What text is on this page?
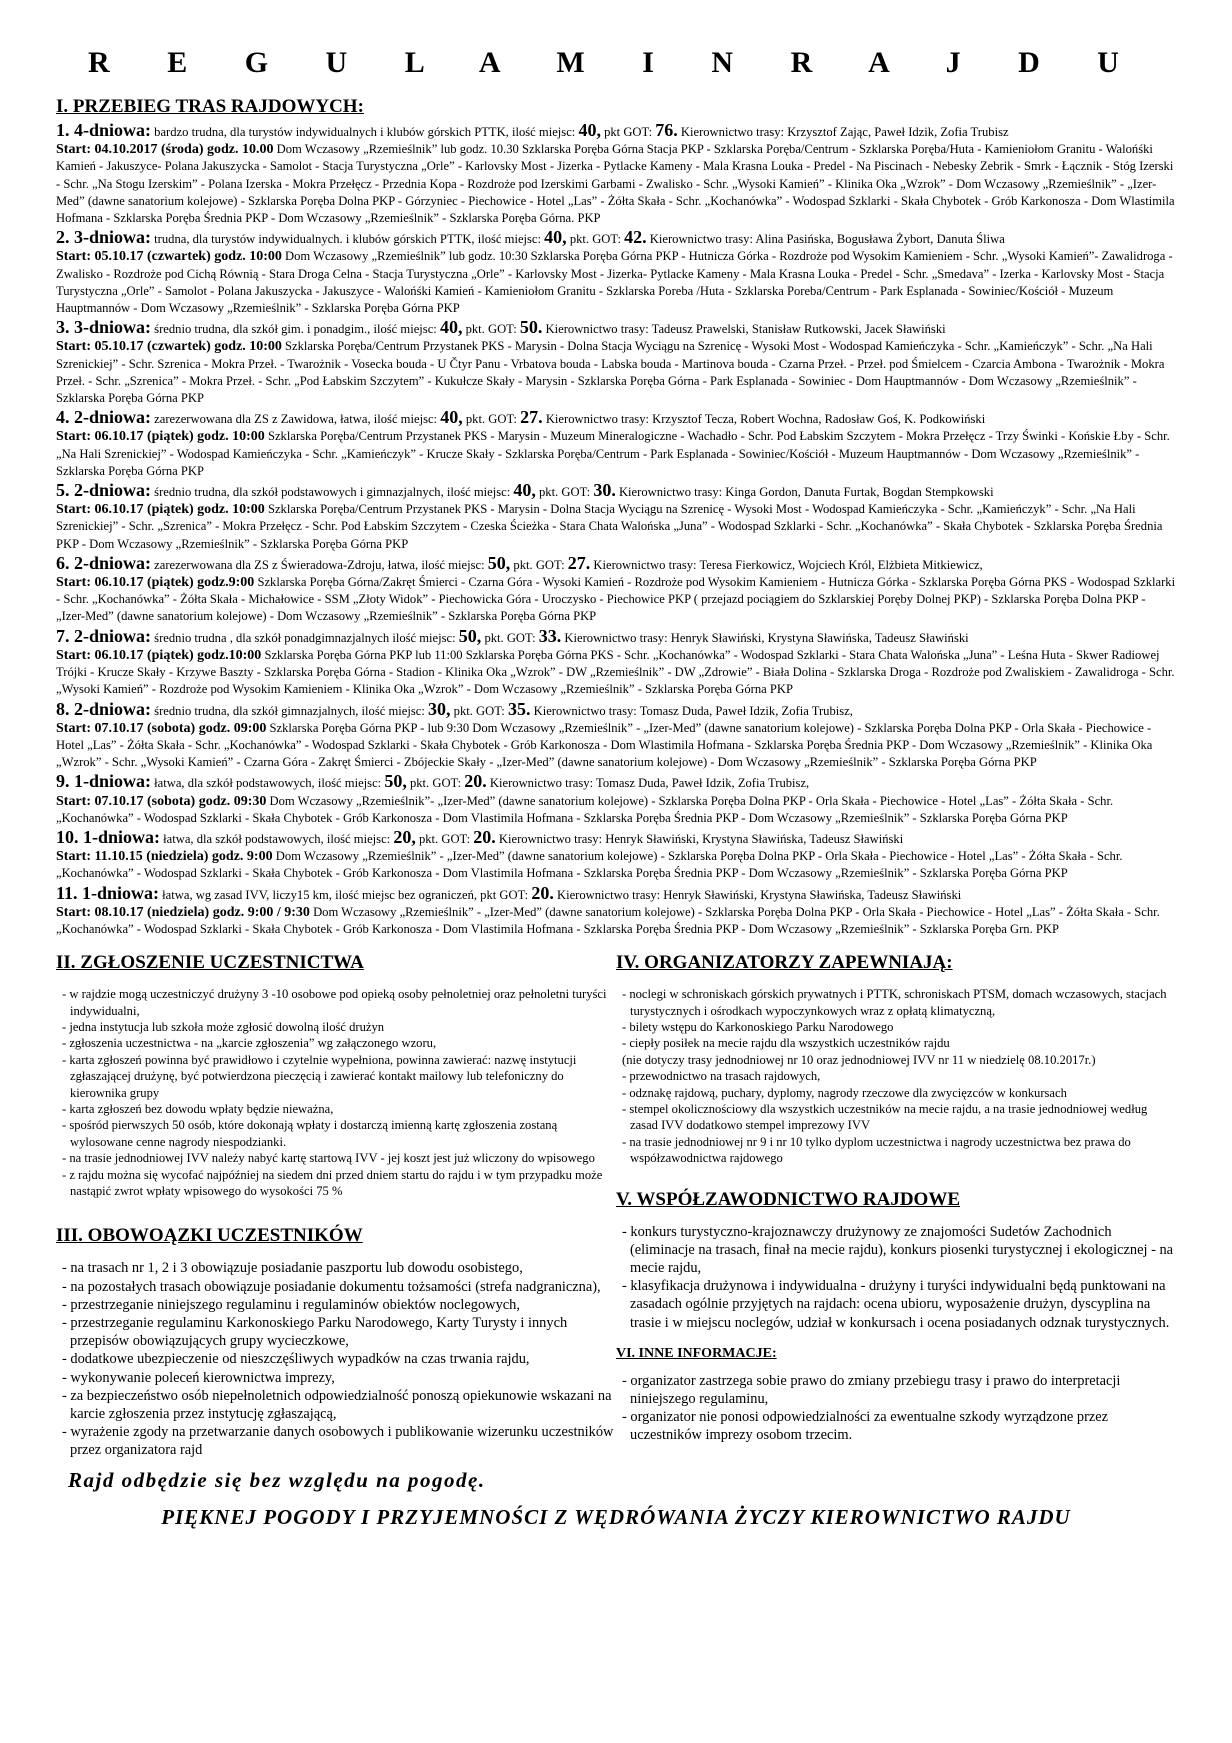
R E G U L A M I N R A J D U
I. PRZEBIEG TRAS RAJDOWYCH:
1. 4-dniowa: bardzo trudna, dla turystów indywidualnych i klubów górskich PTTK, ilość miejsc: 40, pkt GOT: 76. Kierownictwo trasy: Krzysztof Zając, Paweł Idzik, Zofia Trubisz
Start: 04.10.2017 (środa) godz. 10.00 Dom Wczasowy „Rzemieślnik” lub godz. 10.30 Szklarska Poręba Górna Stacja PKP - Szklarska Poręba/Centrum - Szklarska Poręba/Huta - Kamieniołom Granitu - Walońśki Kamień - Jakuszyce- Polana Jakuszycka - Samolot - Stacja Turystyczna „Orle” - Karlovsky Most - Jizerka - Pytlacke Kameny - Mala Krasna Louka - Predel - Na Piscinach - Nebesky Zebrik - Smrk - Łącznik - Stóg Izerski - Schr. „Na Stogu Izerskim” - Polana Izerska - Mokra Przełęcz - Przednia Kopa - Rozdroże pod Izerskimi Garbami - Zwalisko - Schr. „Wysoki Kamień” - Klinika Oka „Wzrok” - Dom Wczasowy „Rzemieślnik” - „Izer-Med” (dawne sanatorium kolejowe) - Szklarska Poręba Dolna PKP - Górzyniec - Piechowice - Hotel „Las” - Żółta Skała - Schr. „Kochanówka” - Wodospad Szklarki - Skała Chybotek - Grób Karkonosza - Dom Wlastimila Hofmana - Szklarska Poręba Średnia PKP - Dom Wczasowy „Rzemieślnik” - Szklarska Poręba Górna. PKP
2. 3-dniowa: trudna, dla turystów indywidualnych. i klubów górskich PTTK, ilość miejsc: 40, pkt. GOT: 42. Kierownictwo trasy: Alina Pasińska, Bogusława Żybort, Danuta Śliwa
Start: 05.10.17 (czwartek) godz. 10:00 Dom Wczasowy „Rzemieślnik” lub godz. 10:30 Szklarska Poręba Górna PKP - Hutnicza Górka - Rozdroże pod Wysokim Kamieniem - Schr. „Wysoki Kamień”- Zawalidroga - Zwalisko - Rozdroże pod Cichą Równią - Stara Droga Celna - Stacja Turystyczna „Orle” - Karlovsky Most - Jizerka- Pytlacke Kameny - Mala Krasna Louka - Predel - Schr. „Smedava” - Izerka - Karlovsky Most - Stacja Turystyczna „Orle” - Samolot - Polana Jakuszycka - Jakuszyce - Walońśki Kamień - Kamieniołom Granitu - Szklarska Poreba /Huta - Szklarska Poreba/Centrum - Park Esplanada - Sowiniec/Kościół - Muzeum Hauptmannów - Dom Wczasowy „Rzemieślnik” - Szklarska Poręba Górna PKP
3. 3-dniowa: średnio trudna, dla szkół gim. i ponadgim., ilość miejsc: 40, pkt. GOT: 50. Kierownictwo trasy: Tadeusz Prawelski, Stanisław Rutkowski, Jacek Sławiński
Start: 05.10.17 (czwartek) godz. 10:00 Szklarska Poręba/Centrum Przystanek PKS - Marysin - Dolna Stacja Wyciągu na Szrenicę - Wysoki Most - Wodospad Kamieńczyka - Schr. „Kamieńczyk” - Schr. „Na Hali Szrenickiej” - Schr. Szrenica - Mokra Przeł. - Twarożnik - Vosecka bouda - U Čtyr Panu - Vrbatova bouda - Labska bouda - Martinova bouda - Czarna Przeł. - Przeł. pod Śmielcem - Czarcia Ambona - Twarożnik - Mokra Przeł. - Schr. „Szrenica” - Mokra Przeł. - Schr. „Pod Łabskim Szczytem” - Kukułcze Skały - Marysin - Szklarska Poręba Górna - Park Esplanada - Sowiniec - Dom Hauptmannów - Dom Wczasowy „Rzemieślnik” - Szklarska Poręba Górna PKP
4. 2-dniowa: zarezerwowana dla ZS z Zawidowa, łatwa, ilość miejsc: 40, pkt. GOT: 27. Kierownictwo trasy: Krzysztof Tecza, Robert Wochna, Radosław Goś, K. Podkowiński
Start: 06.10.17 (piątek) godz. 10:00 Szklarska Poręba/Centrum Przystanek PKS - Marysin - Muzeum Mineralogiczne - Wachadło - Schr. Pod Łabskim Szczytem - Mokra Przełęcz - Trzy Świnki - Końskie Łby - Schr. „Na Hali Szrenickiej” - Wodospad Kamieńczyka - Schr. „Kamieńczyk” - Krucze Skały - Szklarska Poręba/Centrum - Park Esplanada - Sowiniec/Kościół - Muzeum Hauptmannów - Dom Wczasowy „Rzemieślnik” - Szklarska Poręba Górna PKP
5. 2-dniowa: średnio trudna, dla szkół podstawowych i gimnazjalnych, ilość miejsc: 40, pkt. GOT: 30. Kierownictwo trasy: Kinga Gordon, Danuta Furtak, Bogdan Stempkowski
Start: 06.10.17 (piątek) godz. 10:00 Szklarska Poręba/Centrum Przystanek PKS - Marysin - Dolna Stacja Wyciągu na Szrenicę - Wysoki Most - Wodospad Kamieńczyka - Schr. „Kamieńczyk” - Schr. „Na Hali Szrenickiej” - Schr. „Szrenica” - Mokra Przełęcz - Schr. Pod Łabskim Szczytem - Czeska Ścieżka - Stara Chata Walońska „Juna” - Wodospad Szklarki - Schr. „Kochanówka” - Skała Chybotek - Szklarska Poręba Średnia PKP - Dom Wczasowy „Rzemieślnik” - Szklarska Poręba Górna PKP
6. 2-dniowa: zarezerwowana dla ZS z Świeradowa-Zdroju, łatwa, ilość miejsc: 50, pkt. GOT: 27. Kierownictwo trasy: Teresa Fierkowicz, Wojciech Król, Elżbieta Mitkiewicz,
Start: 06.10.17 (piątek) godz.9:00 Szklarska Poręba Górna/Zakręt Śmierci - Czarna Góra - Wysoki Kamień - Rozdroże pod Wysokim Kamieniem - Hutnicza Górka - Szklarska Poręba Górna PKS - Wodospad Szklarki - Schr. „Kochanówka” - Żółta Skała - Michałowice - SSM „Złoty Widok” - Piechowicka Góra - Uroczysko - Piechowice PKP ( przejazd pociągiem do Szklarskiej Poręby Dolnej PKP) - Szklarska Poręba Dolna PKP - „Izer-Med” (dawne sanatorium kolejowe) - Dom Wczasowy „Rzemieślnik” - Szklarska Poręba Górna PKP
7. 2-dniowa: średnio trudna , dla szkół ponadgimnazjalnych ilość miejsc: 50, pkt. GOT: 33. Kierownictwo trasy: Henryk Sławiński, Krystyna Sławińska, Tadeusz Sławiński
Start: 06.10.17 (piątek) godz.10:00 Szklarska Poręba Górna PKP lub 11:00 Szklarska Poręba Górna PKS - Schr. „Kochanówka” - Wodospad Szklarki - Stara Chata Walońska „Juna” - Leśna Huta - Skwer Radiowej Trójki - Krucze Skały - Krzywe Baszty - Szklarska Poręba Górna - Stadion - Klinika Oka „Wzrok” - DW „Rzemieślnik” - DW „Zdrowie” - Biała Dolina - Szklarska Droga - Rozdroże pod Zwaliskiem - Zawalidroga - Schr. „Wysoki Kamień” - Rozdroże pod Wysokim Kamieniem - Klinika Oka „Wzrok” - Dom Wczasowy „Rzemieślnik” - Szklarska Poręba Górna PKP
8. 2-dniowa: średnio trudna, dla szkół gimnazjalnych, ilość miejsc: 30, pkt. GOT: 35. Kierownictwo trasy: Tomasz Duda, Paweł Idzik, Zofia Trubisz,
Start: 07.10.17 (sobota) godz. 09:00 Szklarska Poręba Górna PKP - lub 9:30 Dom Wczasowy „Rzemieślnik” - „Izer-Med” (dawne sanatorium kolejowe) - Szklarska Poręba Dolna PKP - Orla Skała - Piechowice - Hotel „Las” - Żółta Skała - Schr. „Kochanówka” - Wodospad Szklarki - Skała Chybotek - Grób Karkonosza - Dom Wlastimila Hofmana - Szklarska Poręba Średnia PKP - Dom Wczasowy „Rzemieślnik” - Klinika Oka „Wzrok” - Schr. „Wysoki Kamień” - Czarna Góra - Zakręt Śmierci - Zbójeckie Skały - „Izer-Med” (dawne sanatorium kolejowe) - Dom Wczasowy „Rzemieślnik” - Szklarska Poręba Górna PKP
9. 1-dniowa: łatwa, dla szkół podstawowych, ilość miejsc: 50, pkt. GOT: 20. Kierownictwo trasy: Tomasz Duda, Paweł Idzik, Zofia Trubisz,
Start: 07.10.17 (sobota) godz. 09:30 Dom Wczasowy „Rzemieślnik”- „Izer-Med” (dawne sanatorium kolejowe) - Szklarska Poręba Dolna PKP - Orla Skała - Piechowice - Hotel „Las” - Żółta Skała - Schr. „Kochanówka” - Wodospad Szklarki - Skała Chybotek - Grób Karkonosza - Dom Vlastimila Hofmana - Szklarska Poręba Średnia PKP - Dom Wczasowy „Rzemieślnik” - Szklarska Poręba Górna PKP
10. 1-dniowa: łatwa, dla szkół podstawowych, ilość miejsc: 20, pkt. GOT: 20. Kierownictwo trasy: Henryk Sławiński, Krystyna Sławińska, Tadeusz Sławiński
Start: 11.10.15 (niedziela) godz. 9:00 Dom Wczasowy „Rzemieślnik” - „Izer-Med” (dawne sanatorium kolejowe) - Szklarska Poręba Dolna PKP - Orla Skała - Piechowice - Hotel „Las” - Żółta Skała - Schr. „Kochanówka” - Wodospad Szklarki - Skała Chybotek - Grób Karkonosza - Dom Vlastimila Hofmana - Szklarska Poręba Średnia PKP - Dom Wczasowy „Rzemieślnik” - Szklarska Poręba Górna PKP
11. 1-dniowa: łatwa, wg zasad IVV, liczy15 km, ilość miejsc bez ograniczeń, pkt GOT: 20. Kierownictwo trasy: Henryk Sławiński, Krystyna Sławińska, Tadeusz Sławiński
Start: 08.10.17 (niedziela) godz. 9:00 / 9:30 Dom Wczasowy „Rzemieślnik” - „Izer-Med” (dawne sanatorium kolejowe) - Szklarska Poręba Dolna PKP - Orla Skała - Piechowice - Hotel „Las” - Żółta Skała - Schr. „Kochanówka” - Wodospad Szklarki - Skała Chybotek - Grób Karkonosza - Dom Vlastimila Hofmana - Szklarska Poręba Średnia PKP - Dom Wczasowy „Rzemieślnik” - Szklarska Poręba Grn. PKP
II. ZGŁOSZENIE UCZESTNICTWA
- w rajdzie mogą uczestniczyć drużyny 3 -10 osobowe pod opieką osoby pełnoletniej oraz pełnoletni turyści indywidualni,
- jedna instytucja lub szkoła może zgłosić dowolną ilość drużyn
- zgłoszenia uczestnictwa - na „karcie zgłoszenia” wg załączonego wzoru,
- karta zgłoszeń powinna być prawidłowo i czytelnie wypełniona, powinna zawierać: nazwę instytucji zgłaszającej drużynę, być potwierdzona pieczęcią i zawierać kontakt mailowy lub telefoniczny do kierownika grupy
- karta zgłoszeń bez dowodu wpłaty będzie nieważna,
- spośród pierwszych 50 osób, które dokonają wpłaty i dostarczą imienną kartę zgłoszenia zostaną wylosowane cenne nagrody niespodzianki.
- na trasie jednodniowej IVV należy nabyć kartę startową IVV - jej koszt jest już wliczony do wpisowego
- z rajdu można się wycofać najpóźniej na siedem dni przed dniem startu do rajdu i w tym przypadku może nastąpić zwrot wpłaty wpisowego do wysokości 75 %
III. OBOWOĄZKI UCZESTNIKÓW
- na trasach nr 1, 2 i 3 obowiązuje posiadanie paszportu lub dowodu osobistego,
- na pozostałych trasach obowiązuje posiadanie dokumentu tożsamości (strefa nadgraniczna),
- przestrzeganie niniejszego regulaminu i regulaminów obiektów noclegowych,
- przestrzeganie regulaminu Karkonoskiego Parku Narodowego, Karty Turysty i innych przepisów obowiązujących grupy wycieczkowe,
- dodatkowe ubezpieczenie od nieszczęśliwych wypadków na czas trwania rajdu,
- wykonywanie poleceń kierownictwa imprezy,
- za bezpieczeństwo osób niepełnoletnich odpowiedzialność ponoszą opiekunowie wskazani na karcie zgłoszenia przez instytucję zgłaszającą,
- wyrażenie zgody na przetwarzanie danych osobowych i publikowanie wizerunku uczestników przez organizatora rajd
Rajd odbędzie się bez względu na pogodę.
IV. ORGANIZATORZY ZAPEWNIAJĄ:
- noclegi w schroniskach górskich prywatnych i PTTK, schroniskach PTSM, domach wczasowych, stacjach turystycznych i ośrodkach wypoczynkowych wraz z opłatą klimatyczną,
- bilety wstępu do Karkonoskiego Parku Narodowego
- ciepły posiłek na mecie rajdu dla wszystkich uczestników rajdu
(nie dotyczy trasy jednodniowej nr 10 oraz jednodniowej IVV nr 11 w niedzielę 08.10.2017r.)
- przewodnictwo na trasach rajdowych,
- odznakę rajdową, puchary, dyplomy, nagrody rzeczowe dla zwycięzców w konkursach
- stempel okolicznościowy dla wszystkich uczestników na mecie rajdu, a na trasie jednodniowej według zasad IVV dodatkowo stempel imprezowy IVV
- na trasie jednodniowej nr 9 i nr 10 tylko dyplom uczestnictwa i nagrody uczestnictwa bez prawa do współzawodnictwa rajdowego
V. WSPÓŁZAWODNICTWO RAJDOWE
- konkurs turystyczno-krajoznawczy drużynowy ze znajomości Sudetów Zachodnich (eliminacje na trasach, finał na mecie rajdu), konkurs piosenki turystycznej i ekologicznej - na mecie rajdu,
- klasyfikacja drużynowa i indywidualna - drużyny i turyści indywidualni będą punktowani na zasadach ogólnie przyjętych na rajdach: ocena ubioru, wyposażenie drużyn, dyscyplina na trasie i w miejscu noclegów, udział w konkursach i ocena posiadanych odznak turystycznych.
VI. INNE INFORMACJE:
- organizator zastrzega sobie prawo do zmiany przebiegu trasy i prawo do interpretacji niniejszego regulaminu,
- organizator nie ponosi odpowiedzialności za ewentualne szkody wyrządzone przez uczestników imprezy osobom trzecim.
PIĘKNEJ POGODY I PRZYJEMNOŚCI Z WĘDRÓWANIA ŻYCZY KIEROWNICTWO RAJDU
